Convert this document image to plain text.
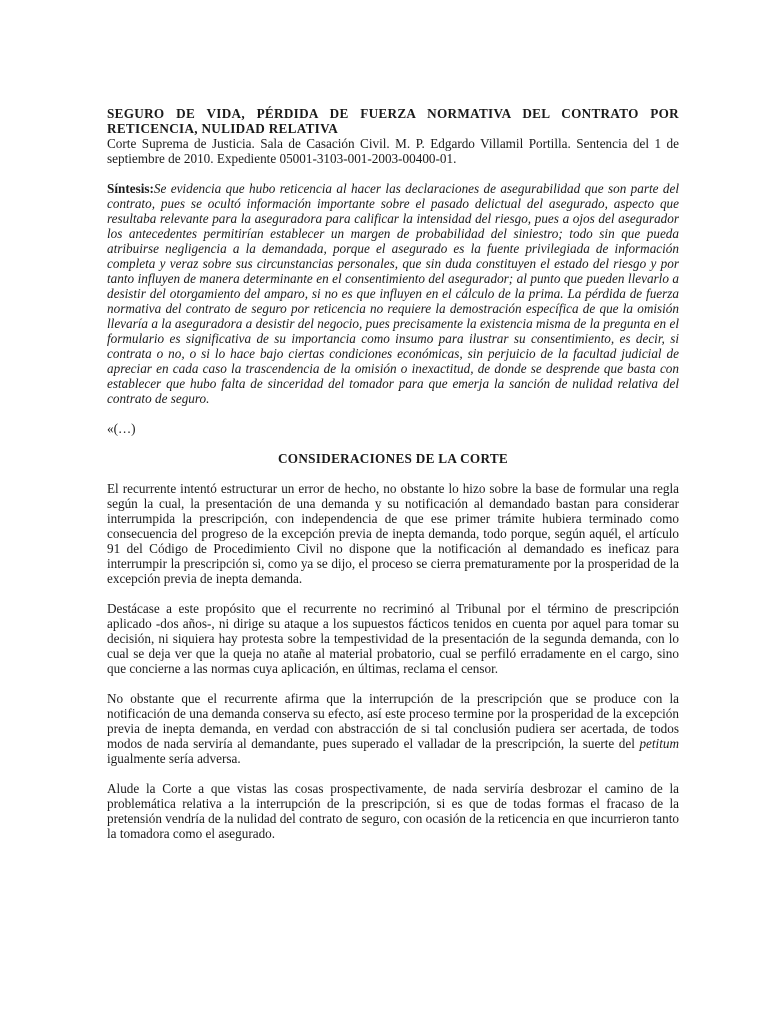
SEGURO DE VIDA, PÉRDIDA DE FUERZA NORMATIVA DEL CONTRATO POR RETICENCIA, NULIDAD RELATIVA

Corte Suprema de Justicia. Sala de Casación Civil. M. P. Edgardo Villamil Portilla. Sentencia del 1 de septiembre de 2010. Expediente 05001-3103-001-2003-00400-01.

Síntesis:Se evidencia que hubo reticencia al hacer las declaraciones de asegurabilidad que son parte del contrato, pues se ocultó información importante sobre el pasado delictual del asegurado, aspecto que resultaba relevante para la aseguradora para calificar la intensidad del riesgo, pues a ojos del asegurador los antecedentes permitirían establecer un margen de probabilidad del siniestro; todo sin que pueda atribuirse negligencia a la demandada, porque el asegurado es la fuente privilegiada de información completa y veraz sobre sus circunstancias personales, que sin duda constituyen el estado del riesgo y por tanto influyen de manera determinante en el consentimiento del asegurador; al punto que pueden llevarlo a desistir del otorgamiento del amparo, si no es que influyen en el cálculo de la prima. La pérdida de fuerza normativa del contrato de seguro por reticencia no requiere la demostración específica de que la omisión llevaría a la aseguradora a desistir del negocio, pues precisamente la existencia misma de la pregunta en el formulario es significativa de su importancia como insumo para ilustrar su consentimiento, es decir, si contrata o no, o si lo hace bajo ciertas condiciones económicas, sin perjuicio de la facultad judicial de apreciar en cada caso la trascendencia de la omisión o inexactitud, de donde se desprende que basta con establecer que hubo falta de sinceridad del tomador para que emerja la sanción de nulidad relativa del contrato de seguro.

«(…)

CONSIDERACIONES DE LA CORTE

El recurrente intentó estructurar un error de hecho, no obstante lo hizo sobre la base de formular una regla según la cual, la presentación de una demanda y su notificación al demandado bastan para considerar interrumpida la prescripción, con independencia de que ese primer trámite hubiera terminado como consecuencia del progreso de la excepción previa de inepta demanda, todo porque, según aquél, el artículo 91 del Código de Procedimiento Civil no dispone que la notificación al demandado es ineficaz para interrumpir la prescripción si, como ya se dijo, el proceso se cierra prematuramente por la prosperidad de la excepción previa de inepta demanda.

Destácase a este propósito que el recurrente no recriminó al Tribunal por el término de prescripción aplicado -dos años-, ni dirige su ataque a los supuestos fácticos tenidos en cuenta por aquel para tomar su decisión, ni siquiera hay protesta sobre la tempestividad de la presentación de la segunda demanda, con lo cual se deja ver que la queja no atañe al material probatorio, cual se perfiló erradamente en el cargo, sino que concierne a las normas cuya aplicación, en últimas, reclama el censor.

No obstante que el recurrente afirma que la interrupción de la prescripción que se produce con la notificación de una demanda conserva su efecto, así este proceso termine por la prosperidad de la excepción previa de inepta demanda, en verdad con abstracción de si tal conclusión pudiera ser acertada, de todos modos de nada serviría al demandante, pues superado el valladar de la prescripción, la suerte del petitum igualmente sería adversa.

Alude la Corte a que vistas las cosas prospectivamente, de nada serviría desbrozar el camino de la problemática relativa a la interrupción de la prescripción, si es que de todas formas el fracaso de la pretensión vendría de la nulidad del contrato de seguro, con ocasión de la reticencia en que incurrieron tanto la tomadora como el asegurado.
